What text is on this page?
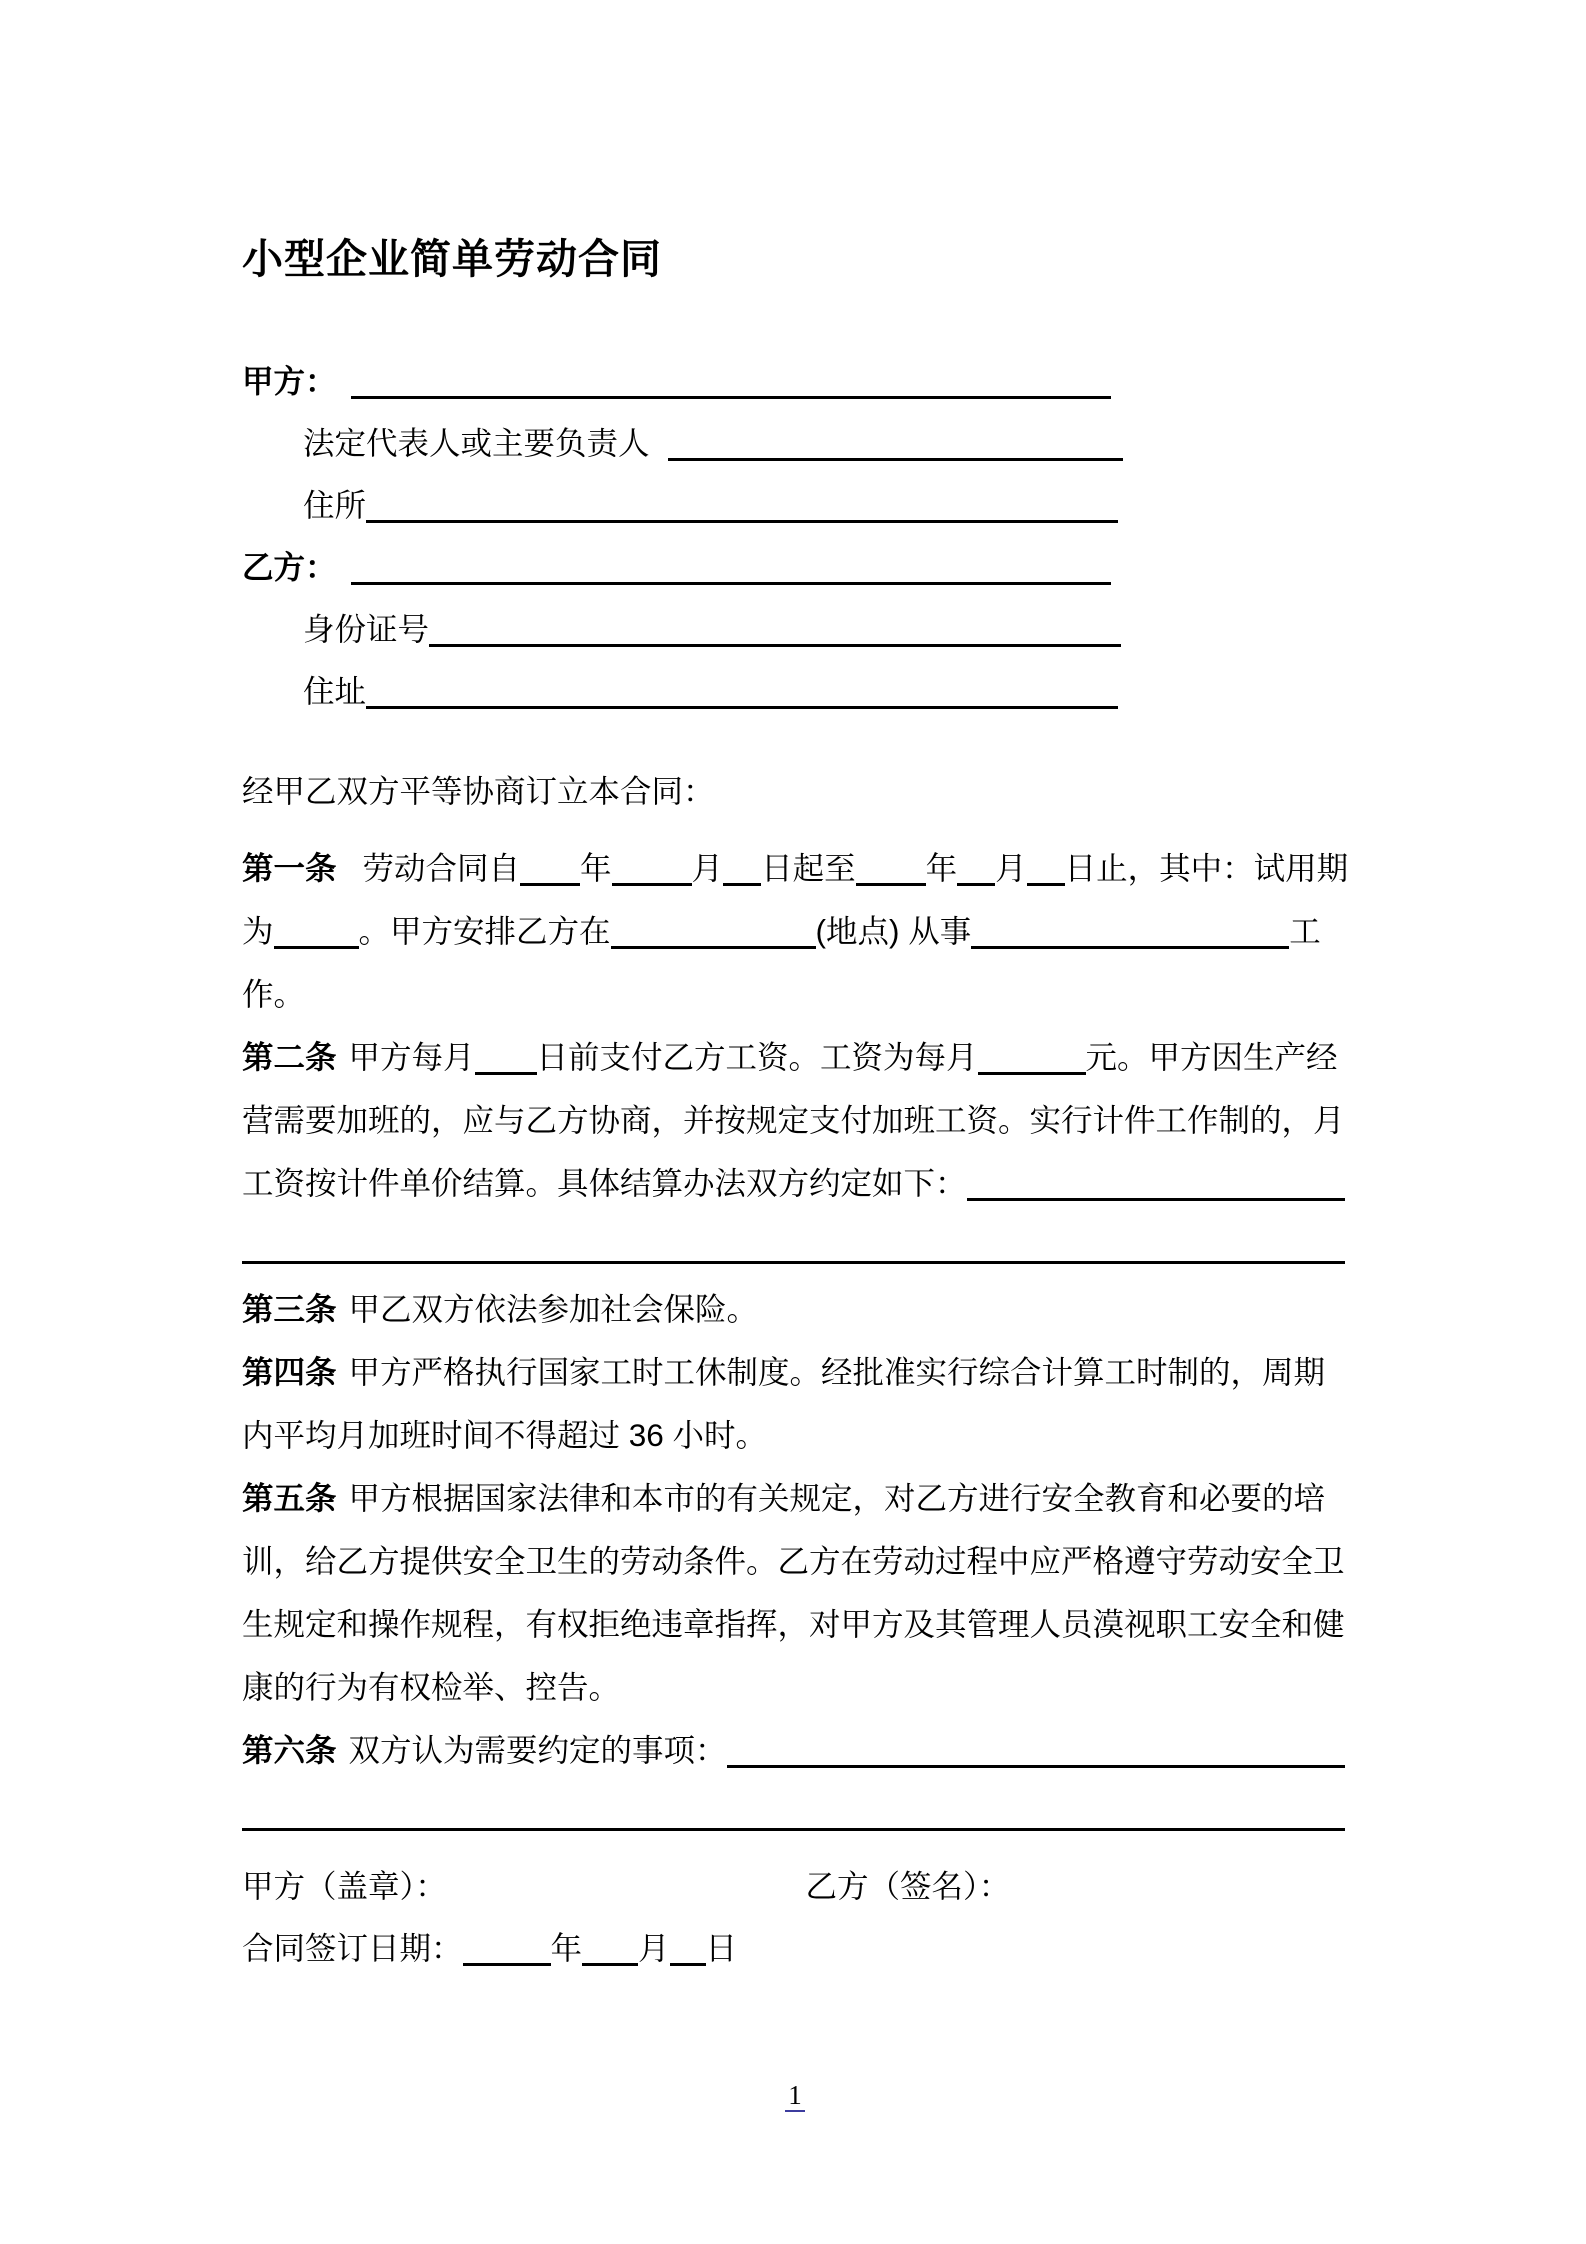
小型企业简单劳动合同
甲方：
法定代表人或主要负责人
住所
乙方：
身份证号
住址
经甲乙双方平等协商订立本合同：
第一条 劳动合同自 年	月 日起至 年 月 日止，其中：试用期
为	。甲方安排乙方在	(地点) 从事	工
作。
第二条 甲方每月 日前支付乙方工资。工资为每月	元。甲方因生产经
营需要加班的，应与乙方协商，并按规定支付加班工资。实行计件工作制的，月
工资按计件单价结算。具体结算办法双方约定如下：
第三条 甲乙双方依法参加社会保险。
第四条 甲方严格执行国家工时工休制度。经批准实行综合计算工时制的，周期
内平均月加班时间不得超过 36 小时。
第五条 甲方根据国家法律和本市的有关规定，对乙方进行安全教育和必要的培
训，给乙方提供安全卫生的劳动条件。乙方在劳动过程中应严格遵守劳动安全卫
生规定和操作规程，有权拒绝违章指挥，对甲方及其管理人员漠视职工安全和健
康的行为有权检举、控告。
第六条 双方认为需要约定的事项：
甲方（盖章）：	乙方（签名）：
合同签订日期：	年 月 日
1
